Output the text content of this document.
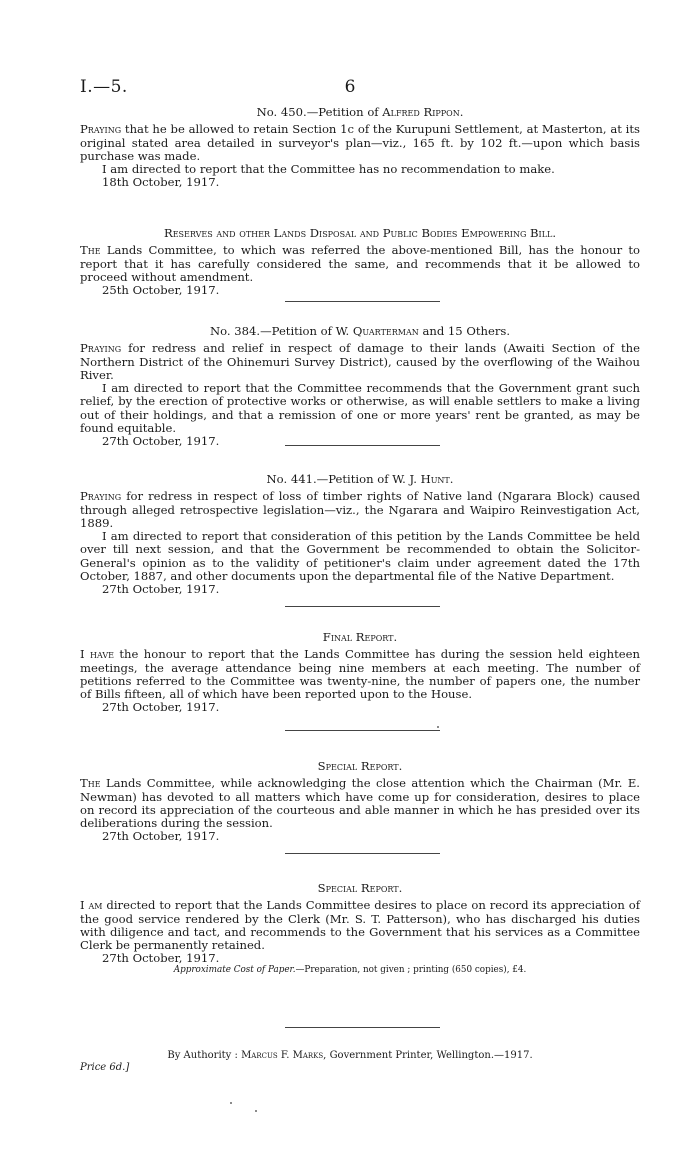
I.—5.	6
No. 450.—Petition of Alfred Rippon.

Praying that he be allowed to retain Section 1c of the Kurupuni Settlement, at Masterton, at its original stated area detailed in surveyor's plan—viz., 165 ft. by 102 ft.—upon which basis purchase was made.

I am directed to report that the Committee has no recommendation to make.

18th October, 1917.

Reserves and other Lands Disposal and Public Bodies Empowering Bill.

The Lands Committee, to which was referred the above-mentioned Bill, has the honour to report that it has carefully considered the same, and recommends that it be allowed to proceed without amendment.

25th October, 1917.

No. 384.—Petition of W. Quarterman and 15 Others.

Praying for redress and relief in respect of damage to their lands (Awaiti Section of the Northern District of the Ohinemuri Survey District), caused by the overflowing of the Waihou River.

I am directed to report that the Committee recommends that the Government grant such relief, by the erection of protective works or otherwise, as will enable settlers to make a living out of their holdings, and that a remission of one or more years' rent be granted, as may be found equitable.

27th October, 1917.

No. 441.—Petition of W. J. Hunt.

Praying for redress in respect of loss of timber rights of Native land (Ngarara Block) caused through alleged retrospective legislation—viz., the Ngarara and Waipiro Reinvestigation Act, 1889.

I am directed to report that consideration of this petition by the Lands Committee be held over till next session, and that the Government be recommended to obtain the Solicitor-General's opinion as to the validity of petitioner's claim under agreement dated the 17th October, 1887, and other documents upon the departmental file of the Native Department.

27th October, 1917.

Final Report.

I have the honour to report that the Lands Committee has during the session held eighteen meetings, the average attendance being nine members at each meeting. The number of petitions referred to the Committee was twenty-nine, the number of papers one, the number of Bills fifteen, all of which have been reported upon to the House.

27th October, 1917.

Special Report.

The Lands Committee, while acknowledging the close attention which the Chairman (Mr. E. Newman) has devoted to all matters which have come up for consideration, desires to place on record its appreciation of the courteous and able manner in which he has presided over its deliberations during the session.

27th October, 1917.

Special Report.

I am directed to report that the Lands Committee desires to place on record its appreciation of the good service rendered by the Clerk (Mr. S. T. Patterson), who has discharged his duties with diligence and tact, and recommends to the Government that his services as a Committee Clerk be permanently retained.

27th October, 1917.

Approximate Cost of Paper.—Preparation, not given ; printing (650 copies), £4.
By Authority : Marcus F. Marks, Government Printer, Wellington.—1917.
Price 6d.]
